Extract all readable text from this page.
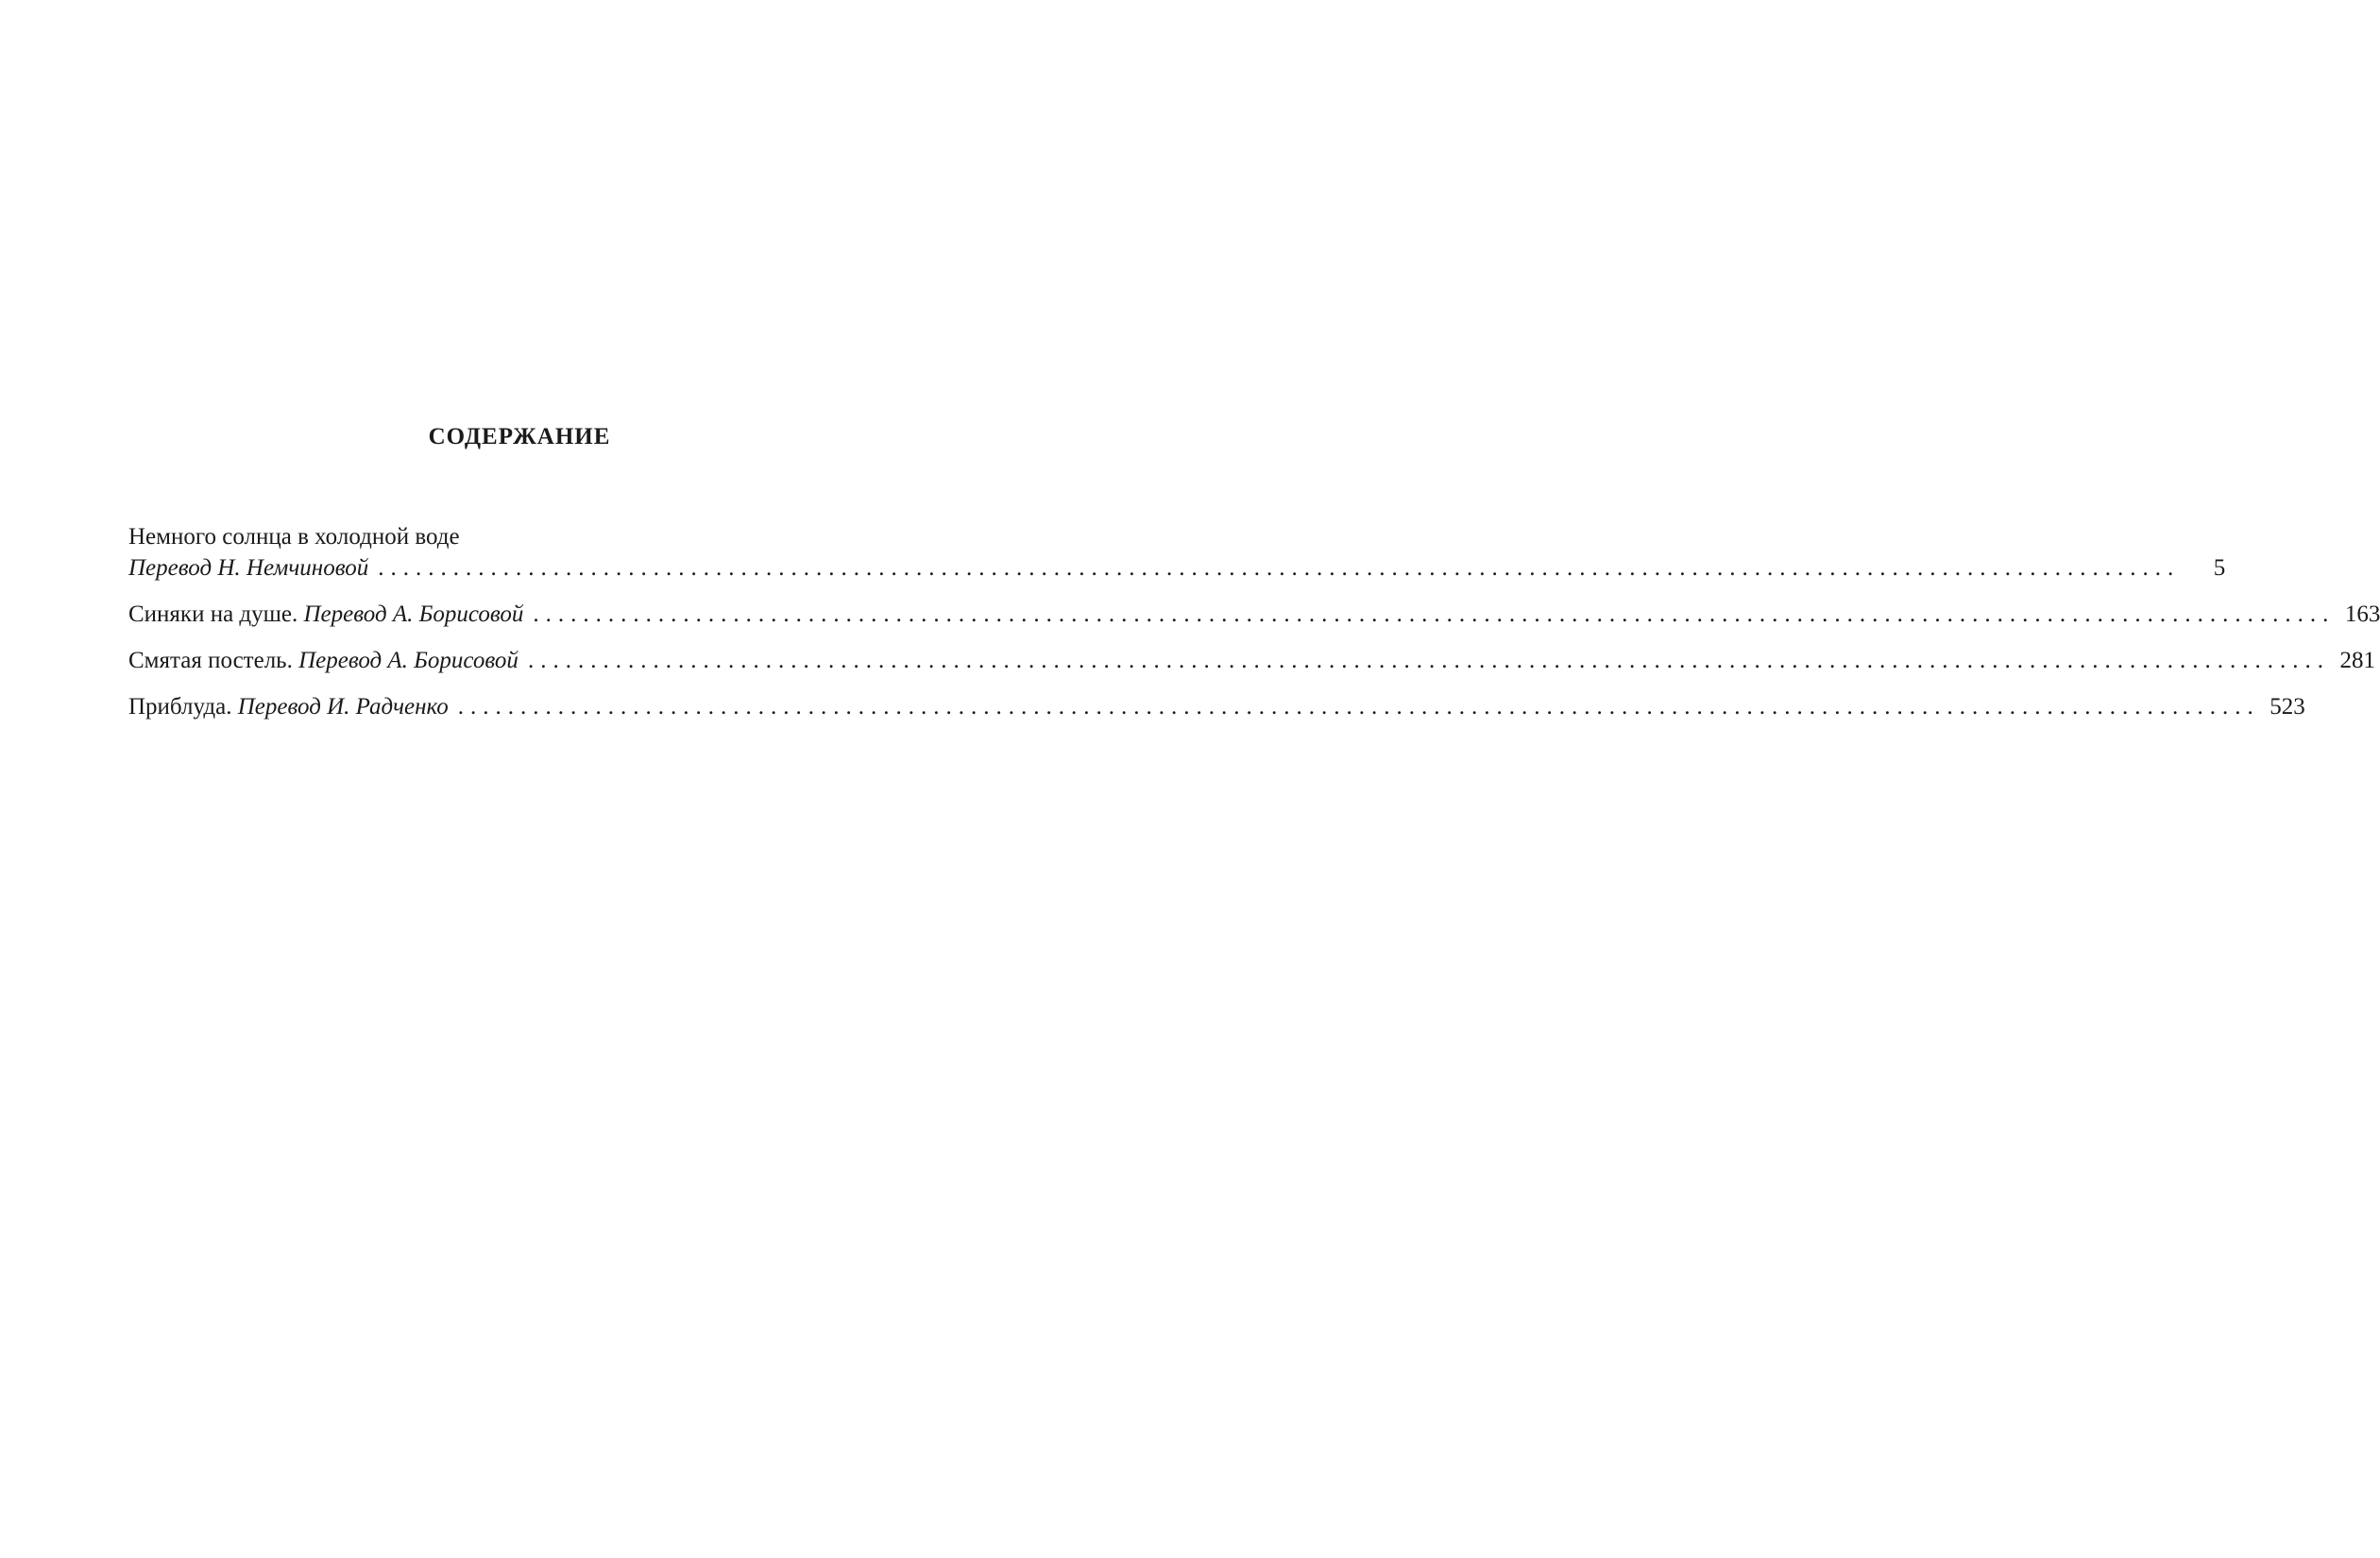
СОДЕРЖАНИЕ
Немного солнца в холодной воде
Перевод Н. Немчиновой ................................................................................................................................................	5
Синяки на душе. Перевод А. Борисовой ................................................................................................................................................ 163
Смятая постель. Перевод А. Борисовой ................................................................................................................................................ 281
Приблуда. Перевод И. Радченко ................................................................................................................................................ 523
